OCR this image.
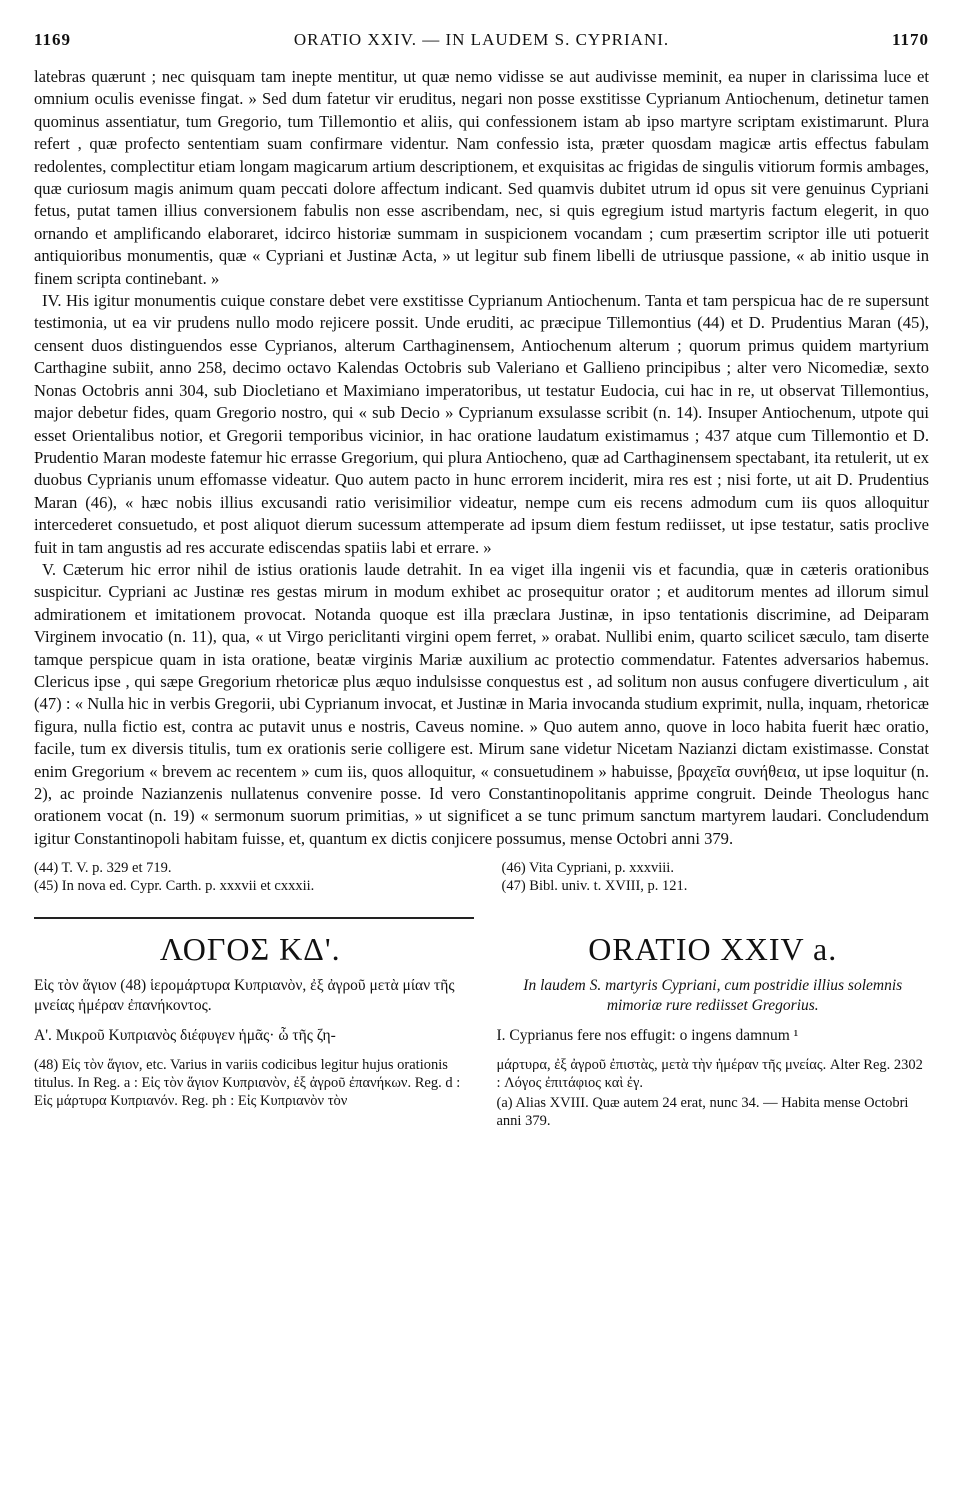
1169	ORATIO XXIV. — IN LAUDEM S. CYPRIANI.	1170

latebras quærunt ; nec quisquam tam inepte mentitur, ut quæ nemo vidisse se aut audivisse meminit, ea nuper in clarissima luce et omnium oculis evenisse fingat. » Sed dum fatetur vir eruditus, negari non posse exstitisse Cyprianum Antiochenum, detinetur tamen quominus assentiatur, tum Gregorio, tum Tillemontio et aliis, qui confessionem istam ab ipso martyre scriptam existimarunt. Plura refert , quæ profecto sententiam suam confirmare videntur. Nam confessio ista, præter quosdam magicæ artis effectus fabulam redolentes, complectitur etiam longam magicarum artium descriptionem, et exquisitas ac frigidas de singulis vitiorum formis ambages, quæ curiosum magis animum quam peccati dolore affectum indicant. Sed quamvis dubitet utrum id opus sit vere genuinus Cypriani fetus, putat tamen illius conversionem fabulis non esse ascribendam, nec, si quis egregium istud martyris factum elegerit, in quo ornando et amplificando elaboraret, idcirco historiæ summam in suspicionem vocandam ; cum præsertim scriptor ille uti potuerit antiquioribus monumentis, quæ « Cypriani et Justinæ Acta, » ut legitur sub finem libelli de utriusque passione, « ab initio usque in finem scripta continebant. »

IV. His igitur monumentis cuique constare debet vere exstitisse Cyprianum Antiochenum. Tanta et tam perspicua hac de re supersunt testimonia, ut ea vir prudens nullo modo rejicere possit. Unde eruditi, ac præcipue Tillemontius (44) et D. Prudentius Maran (45), censent duos distinguendos esse Cyprianos, alterum Carthaginensem, Antiochenum alterum ; quorum primus quidem martyrium Carthagine subiit, anno 258, decimo octavo Kalendas Octobris sub Valeriano et Gallieno principibus ; alter vero Nicomediæ, sexto Nonas Octobris anni 304, sub Diocletiano et Maximiano imperatoribus, ut testatur Eudocia, cui hac in re, ut observat Tillemontius, major debetur fides, quam Gregorio nostro, qui « sub Decio » Cyprianum exsulasse scribit (n. 14). Insuper Antiochenum, utpote qui esset Orientalibus notior, et Gregorii temporibus vicinior, in hac oratione laudatum existimamus ; 437 atque cum Tillemontio et D. Prudentio Maran modeste fatemur hic errasse Gregorium, qui plura Antiocheno, quæ ad Carthaginensem spectabant, ita retulerit, ut ex duobus Cyprianis unum effomasse videatur. Quo autem pacto in hunc errorem inciderit, mira res est ; nisi forte, ut ait D. Prudentius Maran (46), « hæc nobis illius excusandi ratio verisimilior videatur, nempe cum eis recens admodum cum iis quos alloquitur intercederet consuetudo, et post aliquot dierum sucessum attemperate ad ipsum diem festum rediisset, ut ipse testatur, satis proclive fuit in tam angustis ad res accurate ediscendas spatiis labi et errare. »

V. Cæterum hic error nihil de istius orationis laude detrahit. In ea viget illa ingenii vis et facundia, quæ in cæteris orationibus suspicitur. Cypriani ac Justinæ res gestas mirum in modum exhibet ac prosequitur orator ; et auditorum mentes ad illorum simul admirationem et imitationem provocat. Notanda quoque est illa præclara Justinæ, in ipso tentationis discrimine, ad Deiparam Virginem invocatio (n. 11), qua, « ut Virgo periclitanti virgini opem ferret, » orabat. Nullibi enim, quarto scilicet sæculo, tam diserte tamque perspicue quam in ista oratione, beatæ virginis Mariæ auxilium ac protectio commendatur. Fatentes adversarios habemus. Clericus ipse , qui sæpe Gregorium rhetoricæ plus æquo indulsisse conquestus est , ad solitum non ausus confugere diverticulum , ait (47) : « Nulla hic in verbis Gregorii, ubi Cyprianum invocat, et Justinæ in Maria invocanda studium exprimit, nulla, inquam, rhetoricæ figura, nulla fictio est, contra ac putavit unus e nostris, Caveus nomine. » Quo autem anno, quove in loco habita fuerit hæc oratio, facile, tum ex diversis titulis, tum ex orationis serie colligere est. Mirum sane videtur Nicetam Nazianzi dictam existimasse. Constat enim Gregorium « brevem ac recentem » cum iis, quos alloquitur, « consuetudinem » habuisse, βραχεῖα συνήθεια, ut ipse loquitur (n. 2), ac proinde Nazianzenis nullatenus convenire posse. Id vero Constantinopolitanis apprime congruit. Deinde Theologus hanc orationem vocat (n. 19) « sermonum suorum primitias, » ut significet a se tunc primum sanctum martyrem laudari. Concludendum igitur Constantinopoli habitam fuisse, et, quantum ex dictis conjicere possumus, mense Octobri anni 379.

(44) T. V. p. 329 et 719.
(45) In nova ed. Cypr. Carth. p. xxxvii et cxxxii.
(46) Vita Cypriani, p. xxxviii.
(47) Bibl. univ. t. XVIII, p. 121.
ΛΟΓΟΣ ΚΔ'.
Εἰς τὸν ἅγιον (48) ἱερομάρτυρα Κυπριανὸν, ἐξ ἀγροῦ μετὰ μίαν τῆς μνείας ἡμέραν ἐπανήκοντος.
Α'. Μικροῦ Κυπριανὸς διέφυγεν ἡμᾶς· ὦ τῆς ζη-
(48) Εἰς τὸν ἅγιον, etc. Varius in variis codicibus legitur hujus orationis titulus. In Reg. a : Εἰς τὸν ἅγιον Κυπριανὸν, ἐξ ἀγροῦ ἐπανήκων. Reg. d : Εἰς μάρτυρα Κυπριανόν. Reg. ph : Εἰς Κυπριανὸν τὸν
ORATIO XXIV a.
In laudem S. martyris Cypriani, cum postridie illius solemnis mimoriæ rure rediisset Gregorius.
I. Cyprianus fere nos effugit: o ingens damnum ¹
μάρτυρα, ἐξ ἀγροῦ ἐπιστὰς, μετὰ τὴν ἡμέραν τῆς μνείας. Alter Reg. 2302 : Λόγος ἐπιτάφιος καὶ ἐγ.
(a) Alias XVIII. Quæ autem 24 erat, nunc 34. — Habita mense Octobri anni 379.
